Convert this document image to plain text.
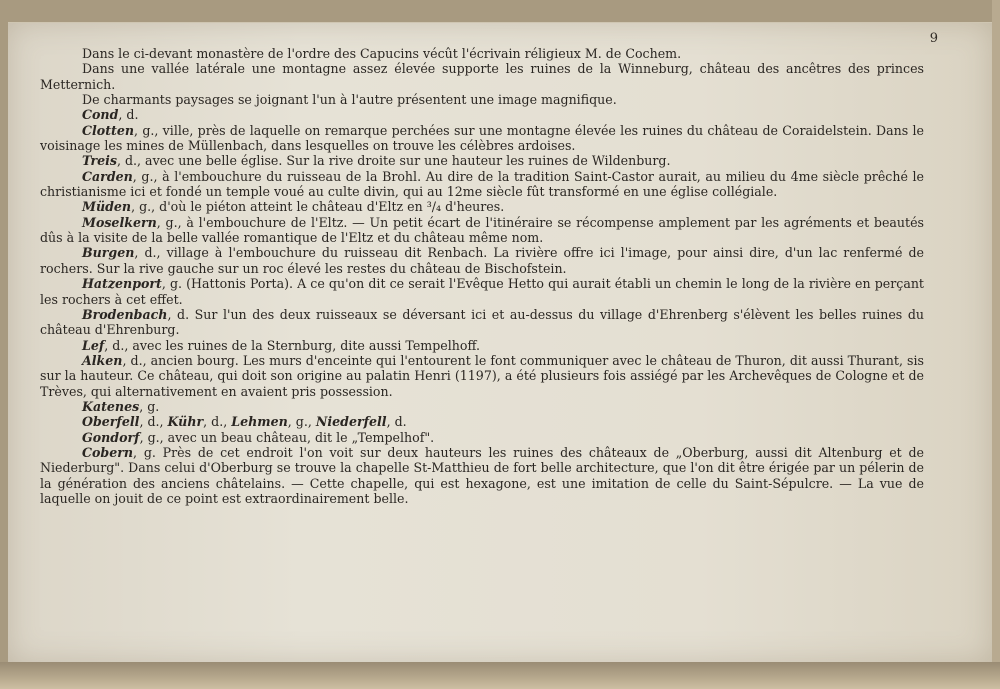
9

Dans le ci-devant monastère de l'ordre des Capucins vécût l'écrivain réligieux M. de Cochem.

Dans une vallée latérale une montagne assez élevée supporte les ruines de la Winneburg, château des ancêtres des princes Metternich.

De charmants paysages se joignant l'un à l'autre présentent une image magnifique.

Cond, d.

Clotten, g., ville, près de laquelle on remarque perchées sur une montagne élevée les ruines du château de Coraidelstein. Dans le voisinage les mines de Müllenbach, dans lesquelles on trouve les célèbres ardoises.

Treis, d., avec une belle église. Sur la rive droite sur une hauteur les ruines de Wildenburg.

Carden, g., à l'embouchure du ruisseau de la Brohl. Au dire de la tradition Saint-Castor aurait, au milieu du 4me siècle prêché le christianisme ici et fondé un temple voué au culte divin, qui au 12me siècle fût transformé en une église collégiale.

Müden, g., d'où le piéton atteint le château d'Eltz en ³/₄ d'heures.

Moselkern, g., à l'embouchure de l'Eltz. — Un petit écart de l'itinéraire se récompense amplement par les agréments et beautés dûs à la visite de la belle vallée romantique de l'Eltz et du château même nom.

Burgen, d., village à l'embouchure du ruisseau dit Renbach. La rivière offre ici l'image, pour ainsi dire, d'un lac renfermé de rochers. Sur la rive gauche sur un roc élevé les restes du château de Bischofstein.

Hatzenport, g. (Hattonis Porta). A ce qu'on dit ce serait l'Evêque Hetto qui aurait établi un chemin le long de la rivière en perçant les rochers à cet effet.

Brodenbach, d. Sur l'un des deux ruisseaux se déversant ici et au-dessus du village d'Ehrenberg s'élèvent les belles ruines du château d'Ehrenburg.

Lef, d., avec les ruines de la Sternburg, dite aussi Tempelhoff.

Alken, d., ancien bourg. Les murs d'enceinte qui l'entourent le font communiquer avec le château de Thuron, dit aussi Thurant, sis sur la hauteur. Ce château, qui doit son origine au palatin Henri (1197), a été plusieurs fois assiégé par les Archevêques de Cologne et de Trèves, qui alternativement en avaient pris possession.

Katenes, g.

Oberfell, d., Kühr, d., Lehmen, g., Niederfell, d.

Gondorf, g., avec un beau château, dit le „Tempelhof".

Cobern, g. Près de cet endroit l'on voit sur deux hauteurs les ruines des châteaux de „Oberburg, aussi dit Altenburg et de Niederburg". Dans celui d'Oberburg se trouve la chapelle St-Matthieu de fort belle architecture, que l'on dit être érigée par un pélerin de la génération des anciens châtelains. — Cette chapelle, qui est hexagone, est une imitation de celle du Saint-Sépulcre. — La vue de laquelle on jouit de ce point est extraordinairement belle.
